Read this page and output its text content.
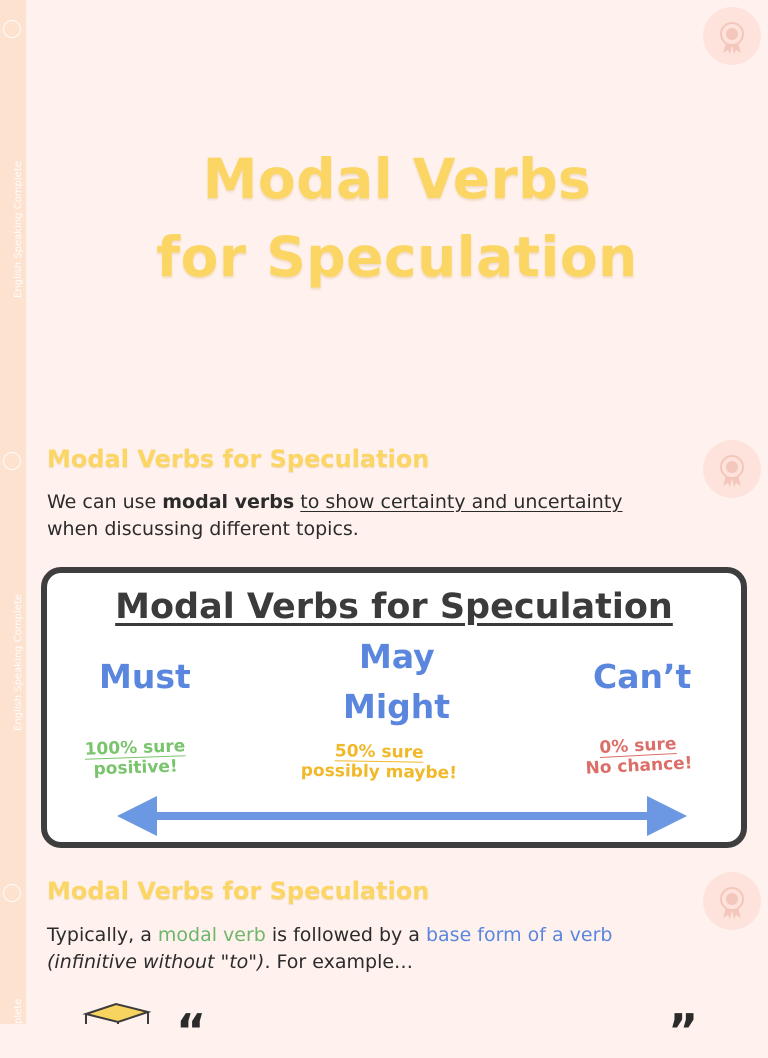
English Speaking Complete
English Speaking Complete
plete
Modal Verbs
for Speculation
Modal Verbs for Speculation
We can use modal verbs to show certainty and uncertainty
when discussing different topics.
Modal Verbs for Speculation
Must
May
Might
Can’t
100% sure
positive!
50% sure
possibly maybe!
0% sure
No chance!
Modal Verbs for Speculation
Typically, a modal verb is followed by a base form of a verb
(infinitive without "to"). For example…
“	”
